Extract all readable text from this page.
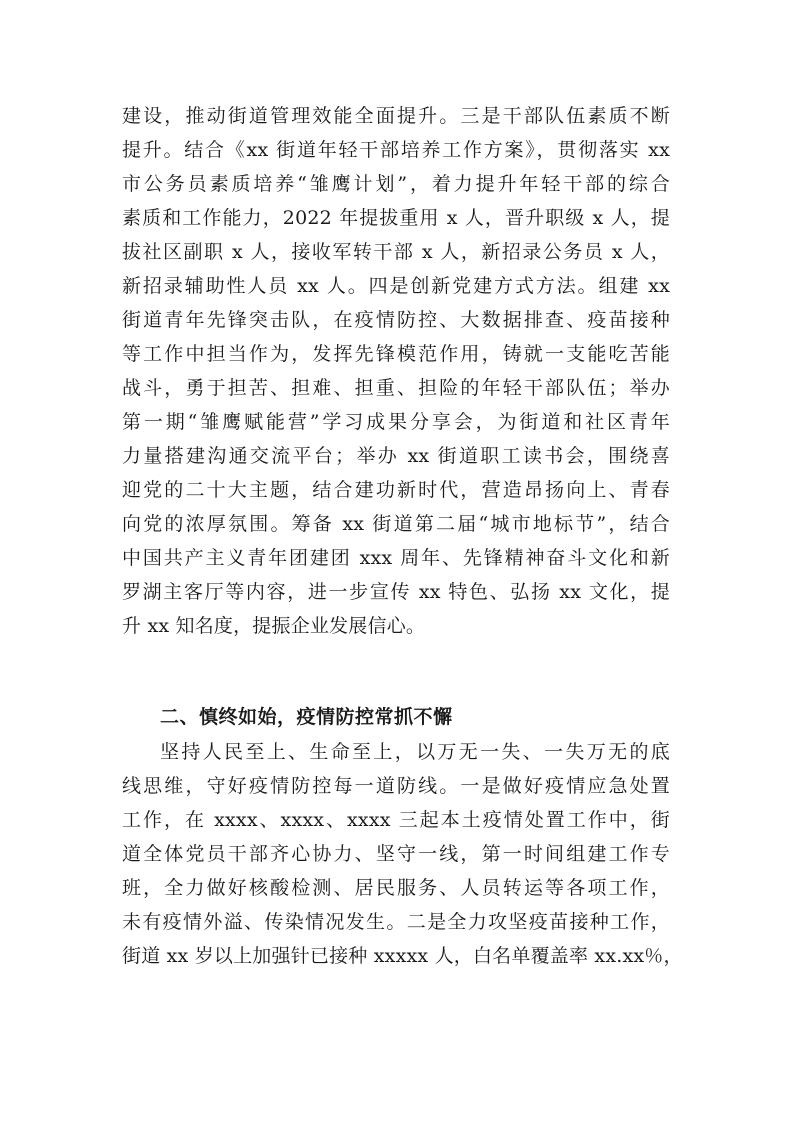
建设，推动街道管理效能全面提升。三是干部队伍素质不断
提升。结合《xx 街道年轻干部培养工作方案》，贯彻落实 xx
市公务员素质培养“雏鹰计划”，着力提升年轻干部的综合
素质和工作能力，2022 年提拔重用 x 人，晋升职级 x 人，提
拔社区副职 x 人，接收军转干部 x 人，新招录公务员 x 人，
新招录辅助性人员 xx 人。四是创新党建方式方法。组建 xx
街道青年先锋突击队，在疫情防控、大数据排查、疫苗接种
等工作中担当作为，发挥先锋模范作用，铸就一支能吃苦能
战斗，勇于担苦、担难、担重、担险的年轻干部队伍；举办
第一期“雏鹰赋能营”学习成果分享会，为街道和社区青年
力量搭建沟通交流平台；举办 xx 街道职工读书会，围绕喜
迎党的二十大主题，结合建功新时代，营造昂扬向上、青春
向党的浓厚氛围。筹备 xx 街道第二届“城市地标节”，结合
中国共产主义青年团建团 xxx 周年、先锋精神奋斗文化和新
罗湖主客厅等内容，进一步宣传 xx 特色、弘扬 xx 文化，提
升 xx 知名度，提振企业发展信心。
二、慎终如始，疫情防控常抓不懈
坚持人民至上、生命至上，以万无一失、一失万无的底
线思维，守好疫情防控每一道防线。一是做好疫情应急处置
工作，在 xxxx、xxxx、xxxx 三起本土疫情处置工作中，街
道全体党员干部齐心协力、坚守一线，第一时间组建工作专
班，全力做好核酸检测、居民服务、人员转运等各项工作，
未有疫情外溢、传染情况发生。二是全力攻坚疫苗接种工作，
街道 xx 岁以上加强针已接种 xxxxx 人，白名单覆盖率 xx.xx％，
